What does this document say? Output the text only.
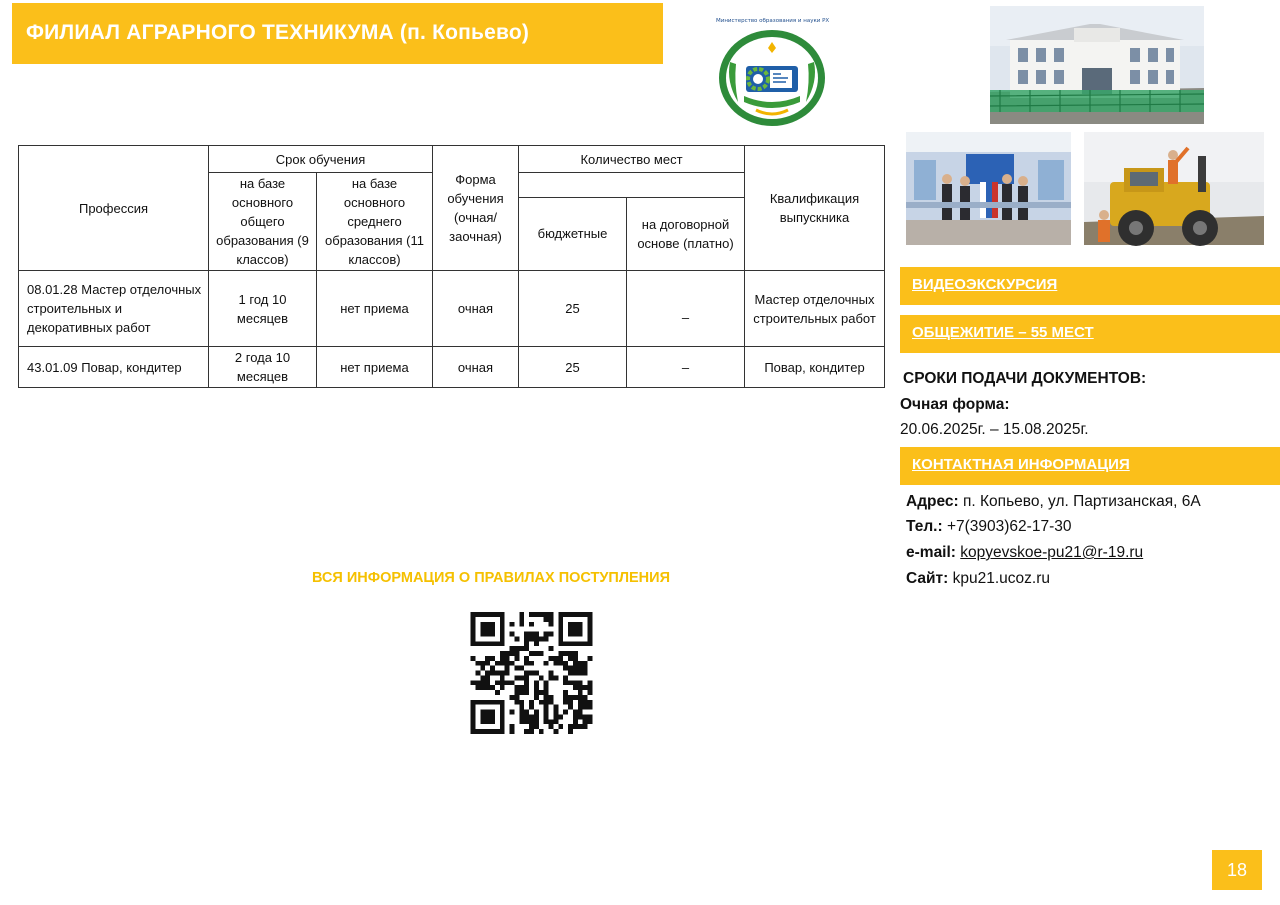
ФИЛИАЛ АГРАРНОГО ТЕХНИКУМА (п. Копьево)	Министерство образования и науки РХ
Профессия	Срок обучения		Форма обучения (очная/ заочная)	Количество мест		Квалификация выпускника
	на базе основного общего образования (9 классов)	на базе основного среднего образования (11 классов)				
				бюджетные	на договорной основе (платно)	
08.01.28 Мастер отделочных строительных и декоративных работ	1 год 10 месяцев	нет приема	очная	25	–	Мастер отделочных строительных работ
43.01.09 Повар, кондитер	2 года 10 месяцев	нет приема	очная	25	–	Повар, кондитер
ВИДЕОЭКСКУРСИЯ
ОБЩЕЖИТИЕ – 55 МЕСТ
СРОКИ ПОДАЧИ ДОКУМЕНТОВ:
Очная форма:
20.06.2025г. – 15.08.2025г.
КОНТАКТНАЯ ИНФОРМАЦИЯ
Адрес: п. Копьево, ул. Партизанская, 6А
Тел.: +7(3903)62-17-30
e-mail: kopyevskoe-pu21@r-19.ru
Сайт: kpu21.ucoz.ru
ВСЯ ИНФОРМАЦИЯ О ПРАВИЛАХ ПОСТУПЛЕНИЯ
18
